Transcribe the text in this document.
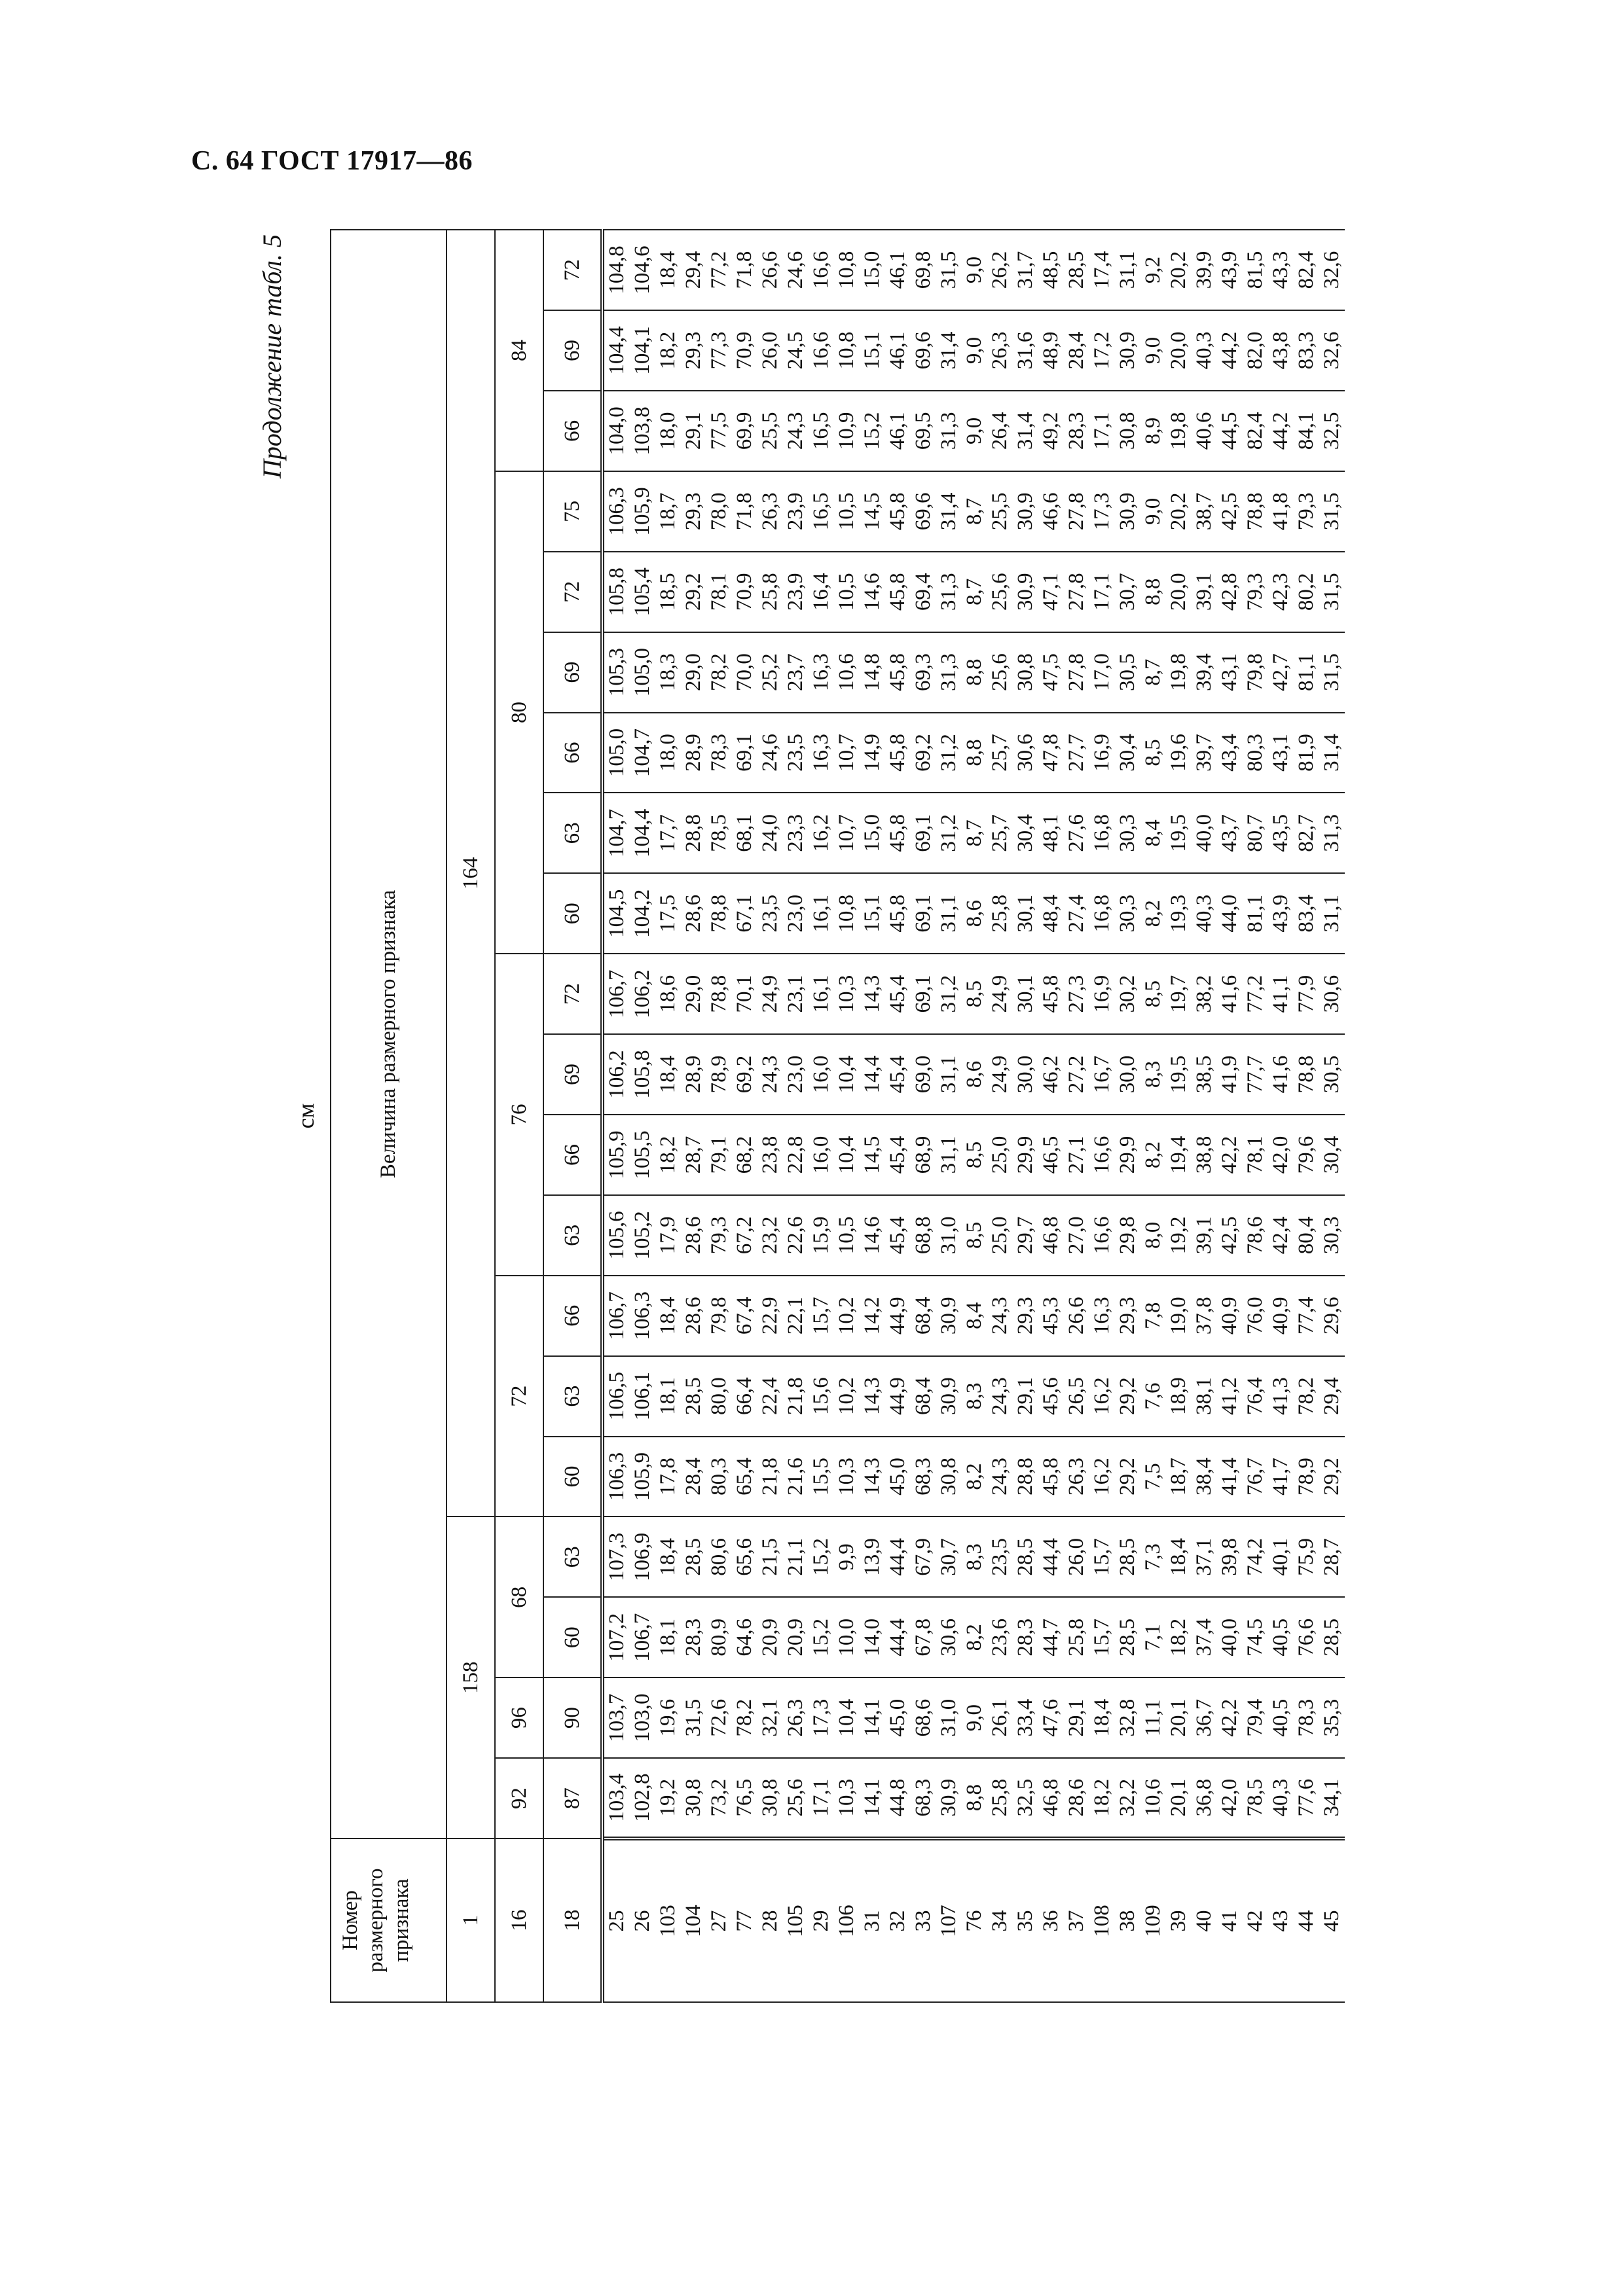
С. 64 ГОСТ 17917—86
Продолжение табл. 5
см
Номер размерного признака	Величина размерного признака																			
1	158				164															
16	92	96	68		72			76				80						84		
18	87	90	60	63	60	63	66	63	66	69	72	60	63	66	69	72	75	66	69	72
25	103,4	103,7	107,2	107,3	106,3	106,5	106,7	105,6	105,9	106,2	106,7	104,5	104,7	105,0	105,3	105,8	106,3	104,0	104,4	104,8
26	102,8	103,0	106,7	106,9	105,9	106,1	106,3	105,2	105,5	105,8	106,2	104,2	104,4	104,7	105,0	105,4	105,9	103,8	104,1	104,6
103	19,2	19,6	18,1	18,4	17,8	18,1	18,4	17,9	18,2	18,4	18,6	17,5	17,7	18,0	18,3	18,5	18,7	18,0	18,2	18,4
104	30,8	31,5	28,3	28,5	28,4	28,5	28,6	28,6	28,7	28,9	29,0	28,6	28,8	28,9	29,0	29,2	29,3	29,1	29,3	29,4
27	73,2	72,6	80,9	80,6	80,3	80,0	79,8	79,3	79,1	78,9	78,8	78,8	78,5	78,3	78,2	78,1	78,0	77,5	77,3	77,2
77	76,5	78,2	64,6	65,6	65,4	66,4	67,4	67,2	68,2	69,2	70,1	67,1	68,1	69,1	70,0	70,9	71,8	69,9	70,9	71,8
28	30,8	32,1	20,9	21,5	21,8	22,4	22,9	23,2	23,8	24,3	24,9	23,5	24,0	24,6	25,2	25,8	26,3	25,5	26,0	26,6
105	25,6	26,3	20,9	21,1	21,6	21,8	22,1	22,6	22,8	23,0	23,1	23,0	23,3	23,5	23,7	23,9	23,9	24,3	24,5	24,6
29	17,1	17,3	15,2	15,2	15,5	15,6	15,7	15,9	16,0	16,0	16,1	16,1	16,2	16,3	16,3	16,4	16,5	16,5	16,6	16,6
106	10,3	10,4	10,0	9,9	10,3	10,2	10,2	10,5	10,4	10,4	10,3	10,8	10,7	10,7	10,6	10,5	10,5	10,9	10,8	10,8
31	14,1	14,1	14,0	13,9	14,3	14,3	14,2	14,6	14,5	14,4	14,3	15,1	15,0	14,9	14,8	14,6	14,5	15,2	15,1	15,0
32	44,8	45,0	44,4	44,4	45,0	44,9	44,9	45,4	45,4	45,4	45,4	45,8	45,8	45,8	45,8	45,8	45,8	46,1	46,1	46,1
33	68,3	68,6	67,8	67,9	68,3	68,4	68,4	68,8	68,9	69,0	69,1	69,1	69,1	69,2	69,3	69,4	69,6	69,5	69,6	69,8
107	30,9	31,0	30,6	30,7	30,8	30,9	30,9	31,0	31,1	31,1	31,2	31,1	31,2	31,2	31,3	31,3	31,4	31,3	31,4	31,5
76	8,8	9,0	8,2	8,3	8,2	8,3	8,4	8,5	8,5	8,6	8,5	8,6	8,7	8,8	8,8	8,7	8,7	9,0	9,0	9,0
34	25,8	26,1	23,6	23,5	24,3	24,3	24,3	25,0	25,0	24,9	24,9	25,8	25,7	25,7	25,6	25,6	25,5	26,4	26,3	26,2
35	32,5	33,4	28,3	28,5	28,8	29,1	29,3	29,7	29,9	30,0	30,1	30,1	30,4	30,6	30,8	30,9	30,9	31,4	31,6	31,7
36	46,8	47,6	44,7	44,4	45,8	45,6	45,3	46,8	46,5	46,2	45,8	48,4	48,1	47,8	47,5	47,1	46,6	49,2	48,9	48,5
37	28,6	29,1	25,8	26,0	26,3	26,5	26,6	27,0	27,1	27,2	27,3	27,4	27,6	27,7	27,8	27,8	27,8	28,3	28,4	28,5
108	18,2	18,4	15,7	15,7	16,2	16,2	16,3	16,6	16,6	16,7	16,9	16,8	16,8	16,9	17,0	17,1	17,3	17,1	17,2	17,4
38	32,2	32,8	28,5	28,5	29,2	29,2	29,3	29,8	29,9	30,0	30,2	30,3	30,3	30,4	30,5	30,7	30,9	30,8	30,9	31,1
109	10,6	11,1	7,1	7,3	7,5	7,6	7,8	8,0	8,2	8,3	8,5	8,2	8,4	8,5	8,7	8,8	9,0	8,9	9,0	9,2
39	20,1	20,1	18,2	18,4	18,7	18,9	19,0	19,2	19,4	19,5	19,7	19,3	19,5	19,6	19,8	20,0	20,2	19,8	20,0	20,2
40	36,8	36,7	37,4	37,1	38,4	38,1	37,8	39,1	38,8	38,5	38,2	40,3	40,0	39,7	39,4	39,1	38,7	40,6	40,3	39,9
41	42,0	42,2	40,0	39,8	41,4	41,2	40,9	42,5	42,2	41,9	41,6	44,0	43,7	43,4	43,1	42,8	42,5	44,5	44,2	43,9
42	78,5	79,4	74,5	74,2	76,7	76,4	76,0	78,6	78,1	77,7	77,2	81,1	80,7	80,3	79,8	79,3	78,8	82,4	82,0	81,5
43	40,3	40,5	40,5	40,1	41,7	41,3	40,9	42,4	42,0	41,6	41,1	43,9	43,5	43,1	42,7	42,3	41,8	44,2	43,8	43,3
44	77,6	78,3	76,6	75,9	78,9	78,2	77,4	80,4	79,6	78,8	77,9	83,4	82,7	81,9	81,1	80,2	79,3	84,1	83,3	82,4
45	34,1	35,3	28,5	28,7	29,2	29,4	29,6	30,3	30,4	30,5	30,6	31,1	31,3	31,4	31,5	31,5	31,5	32,5	32,6	32,6
